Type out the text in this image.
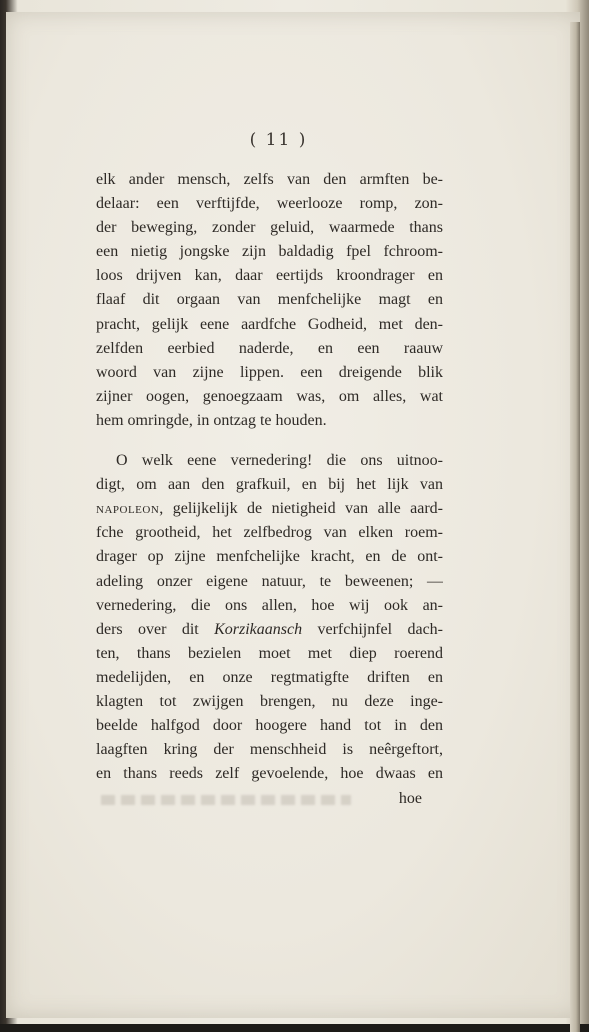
( 11 )
elk ander mensch, zelfs van den armften be-
delaar: een verftijfde, weerlooze romp, zon-
der beweging, zonder geluid, waarmede thans
een nietig jongske zijn baldadig fpel fchroom-
loos drijven kan, daar eertijds kroondrager en
flaaf dit orgaan van menfchelijke magt en
pracht, gelijk eene aardfche Godheid, met den-
zelfden eerbied naderde, en een raauw
woord van zijne lippen. een dreigende blik
zijner oogen, genoegzaam was, om alles, wat
hem omringde, in ontzag te houden.
O welk eene vernedering! die ons uitnoo-
digt, om aan den grafkuil, en bij het lijk van
napoleon, gelijkelijk de nietigheid van alle aard-
fche grootheid, het zelfbedrog van elken roem-
drager op zijne menfchelijke kracht, en de ont-
adeling onzer eigene natuur, te beweenen; —
vernedering, die ons allen, hoe wij ook an-
ders over dit Korzikaansch verfchijnfel dach-
ten, thans bezielen moet met diep roerend
medelijden, en onze regtmatigfte driften en
klagten tot zwijgen brengen, nu deze inge-
beelde halfgod door hoogere hand tot in den
laagften kring der menschheid is neêrgeftort,
en thans reeds zelf gevoelende, hoe dwaas en
hoe
